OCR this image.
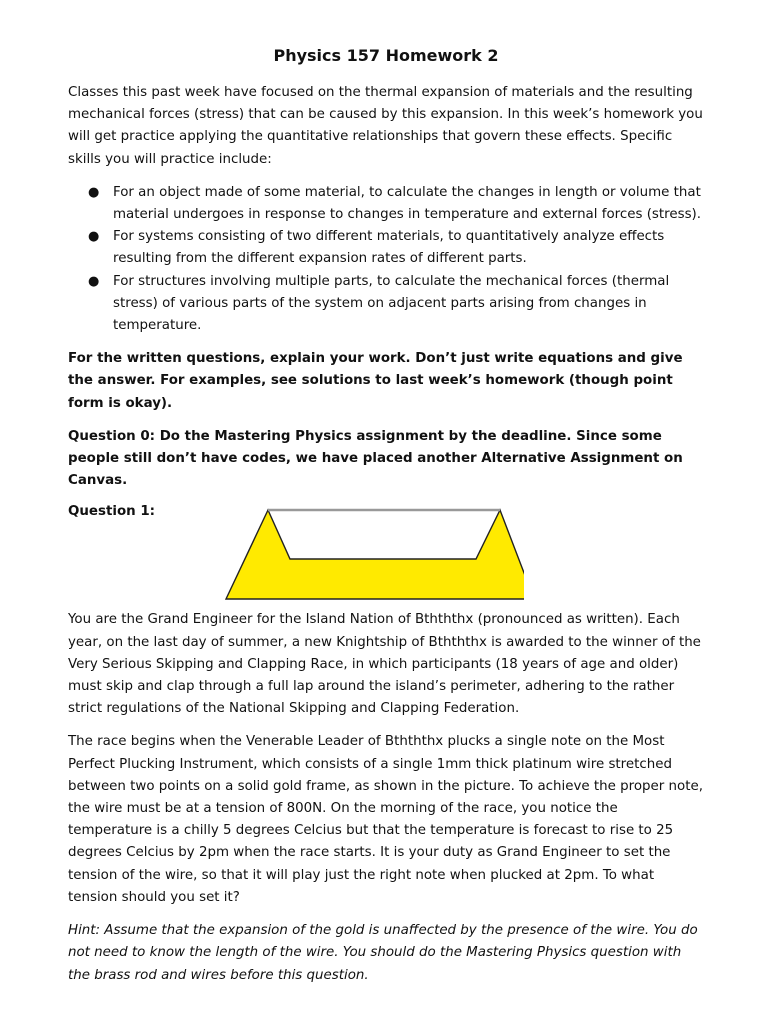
Physics 157 Homework 2

Classes this past week have focused on the thermal expansion of materials and the resulting mechanical forces (stress) that can be caused by this expansion. In this week’s homework you will get practice applying the quantitative relationships that govern these effects. Specific skills you will practice include:

● For an object made of some material, to calculate the changes in length or volume that material undergoes in response to changes in temperature and external forces (stress).
● For systems consisting of two different materials, to quantitatively analyze effects resulting from the different expansion rates of different parts.
● For structures involving multiple parts, to calculate the mechanical forces (thermal stress) of various parts of the system on adjacent parts arising from changes in temperature.

For the written questions, explain your work. Don’t just write equations and give the answer. For examples, see solutions to last week’s homework (though point form is okay).

Question 0: Do the Mastering Physics assignment by the deadline. Since some people still don’t have codes, we have placed another Alternative Assignment on Canvas.

Question 1:

You are the Grand Engineer for the Island Nation of Bthththx (pronounced as written). Each year, on the last day of summer, a new Knightship of Bthththx is awarded to the winner of the Very Serious Skipping and Clapping Race, in which participants (18 years of age and older) must skip and clap through a full lap around the island’s perimeter, adhering to the rather strict regulations of the National Skipping and Clapping Federation.

The race begins when the Venerable Leader of Bthththx plucks a single note on the Most Perfect Plucking Instrument, which consists of a single 1mm thick platinum wire stretched between two points on a solid gold frame, as shown in the picture. To achieve the proper note, the wire must be at a tension of 800N. On the morning of the race, you notice the temperature is a chilly 5 degrees Celcius but that the temperature is forecast to rise to 25 degrees Celcius by 2pm when the race starts. It is your duty as Grand Engineer to set the tension of the wire, so that it will play just the right note when plucked at 2pm. To what tension should you set it?

Hint: Assume that the expansion of the gold is unaffected by the presence of the wire. You do not need to know the length of the wire. You should do the Mastering Physics question with the brass rod and wires before this question.
